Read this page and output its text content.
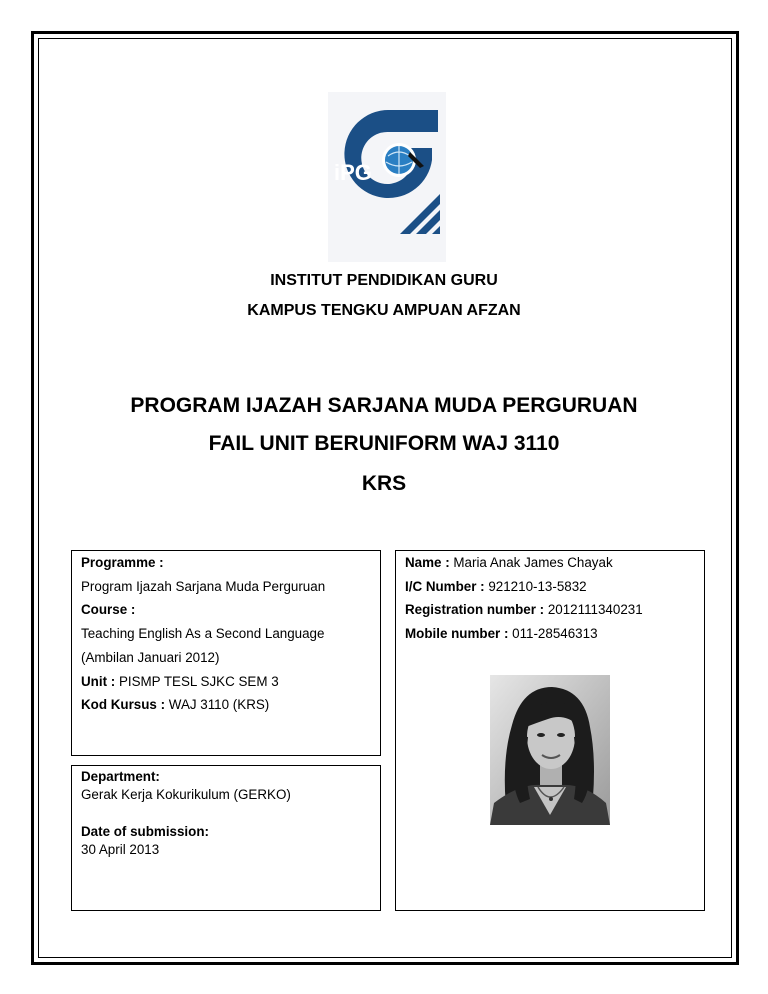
iPG
INSTITUT PENDIDIKAN GURU
KAMPUS TENGKU AMPUAN AFZAN
PROGRAM IJAZAH SARJANA MUDA PERGURUAN
FAIL UNIT BERUNIFORM WAJ 3110
KRS
Programme :
Program Ijazah Sarjana Muda Perguruan
Course :
Teaching English As a Second Language
(Ambilan Januari 2012)
Unit : PISMP TESL SJKC SEM 3
Kod Kursus : WAJ 3110 (KRS)
Department:
Gerak Kerja Kokurikulum (GERKO)
Date of submission:
30 April 2013
Name : Maria Anak James Chayak
I/C Number : 921210-13-5832
Registration number : 2012111340231
Mobile number : 011-28546313
